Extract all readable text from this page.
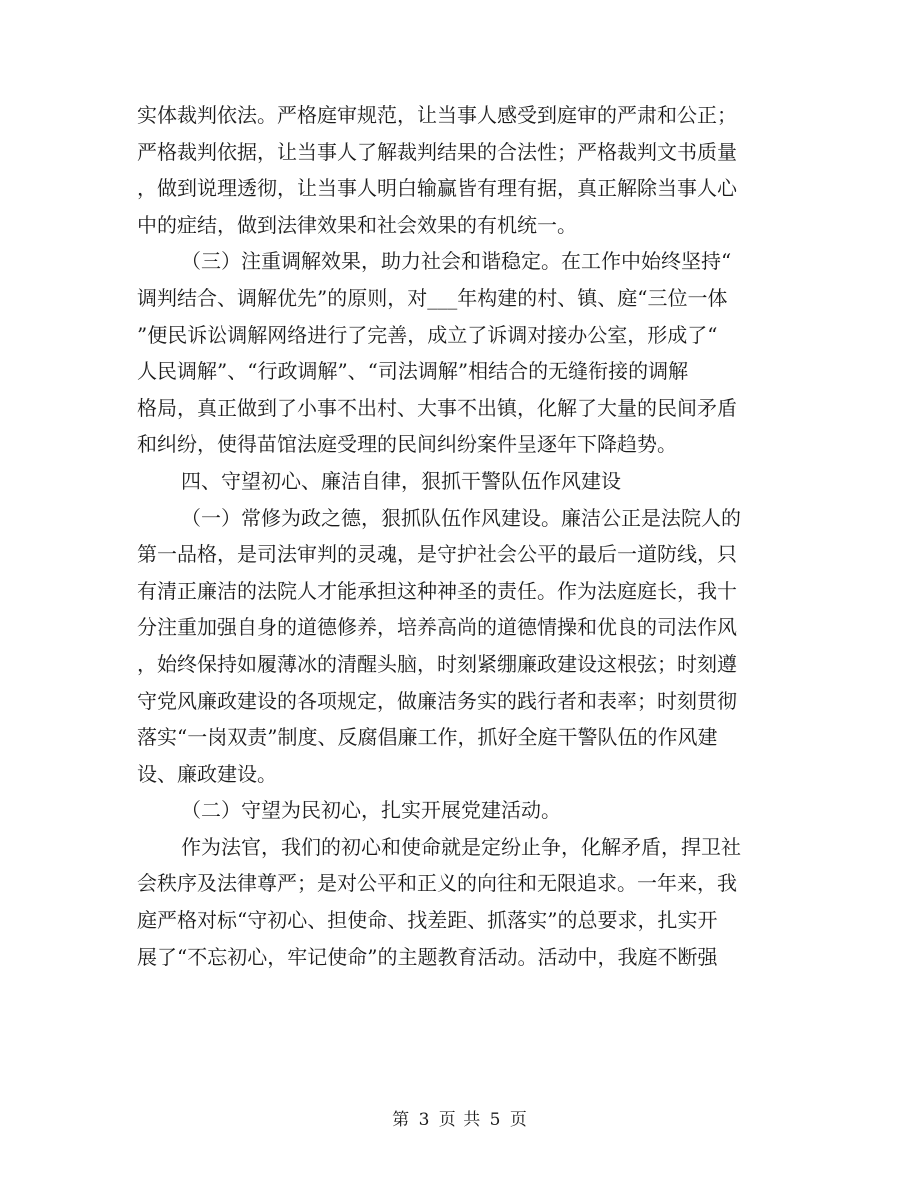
实体裁判依法。严格庭审规范，让当事人感受到庭审的严肃和公正；
严格裁判依据，让当事人了解裁判结果的合法性；严格裁判文书质量
，做到说理透彻，让当事人明白输赢皆有理有据，真正解除当事人心
中的症结，做到法律效果和社会效果的有机统一。
（三）注重调解效果，助力社会和谐稳定。在工作中始终坚持“
调判结合、调解优先”的原则，对___年构建的村、镇、庭“三位一体
”便民诉讼调解网络进行了完善，成立了诉调对接办公室，形成了“
人民调解”、“行政调解”、“司法调解”相结合的无缝衔接的调解
格局，真正做到了小事不出村、大事不出镇，化解了大量的民间矛盾
和纠纷，使得苗馆法庭受理的民间纠纷案件呈逐年下降趋势。
四、守望初心、廉洁自律，狠抓干警队伍作风建设
（一）常修为政之德，狠抓队伍作风建设。廉洁公正是法院人的
第一品格，是司法审判的灵魂，是守护社会公平的最后一道防线，只
有清正廉洁的法院人才能承担这种神圣的责任。作为法庭庭长，我十
分注重加强自身的道德修养，培养高尚的道德情操和优良的司法作风
，始终保持如履薄冰的清醒头脑，时刻紧绷廉政建设这根弦；时刻遵
守党风廉政建设的各项规定，做廉洁务实的践行者和表率；时刻贯彻
落实“一岗双责”制度、反腐倡廉工作，抓好全庭干警队伍的作风建
设、廉政建设。
（二）守望为民初心，扎实开展党建活动。
作为法官，我们的初心和使命就是定纷止争，化解矛盾，捍卫社
会秩序及法律尊严；是对公平和正义的向往和无限追求。一年来，我
庭严格对标“守初心、担使命、找差距、抓落实”的总要求，扎实开
展了“不忘初心，牢记使命”的主题教育活动。活动中，我庭不断强
第 3 页 共 5 页
